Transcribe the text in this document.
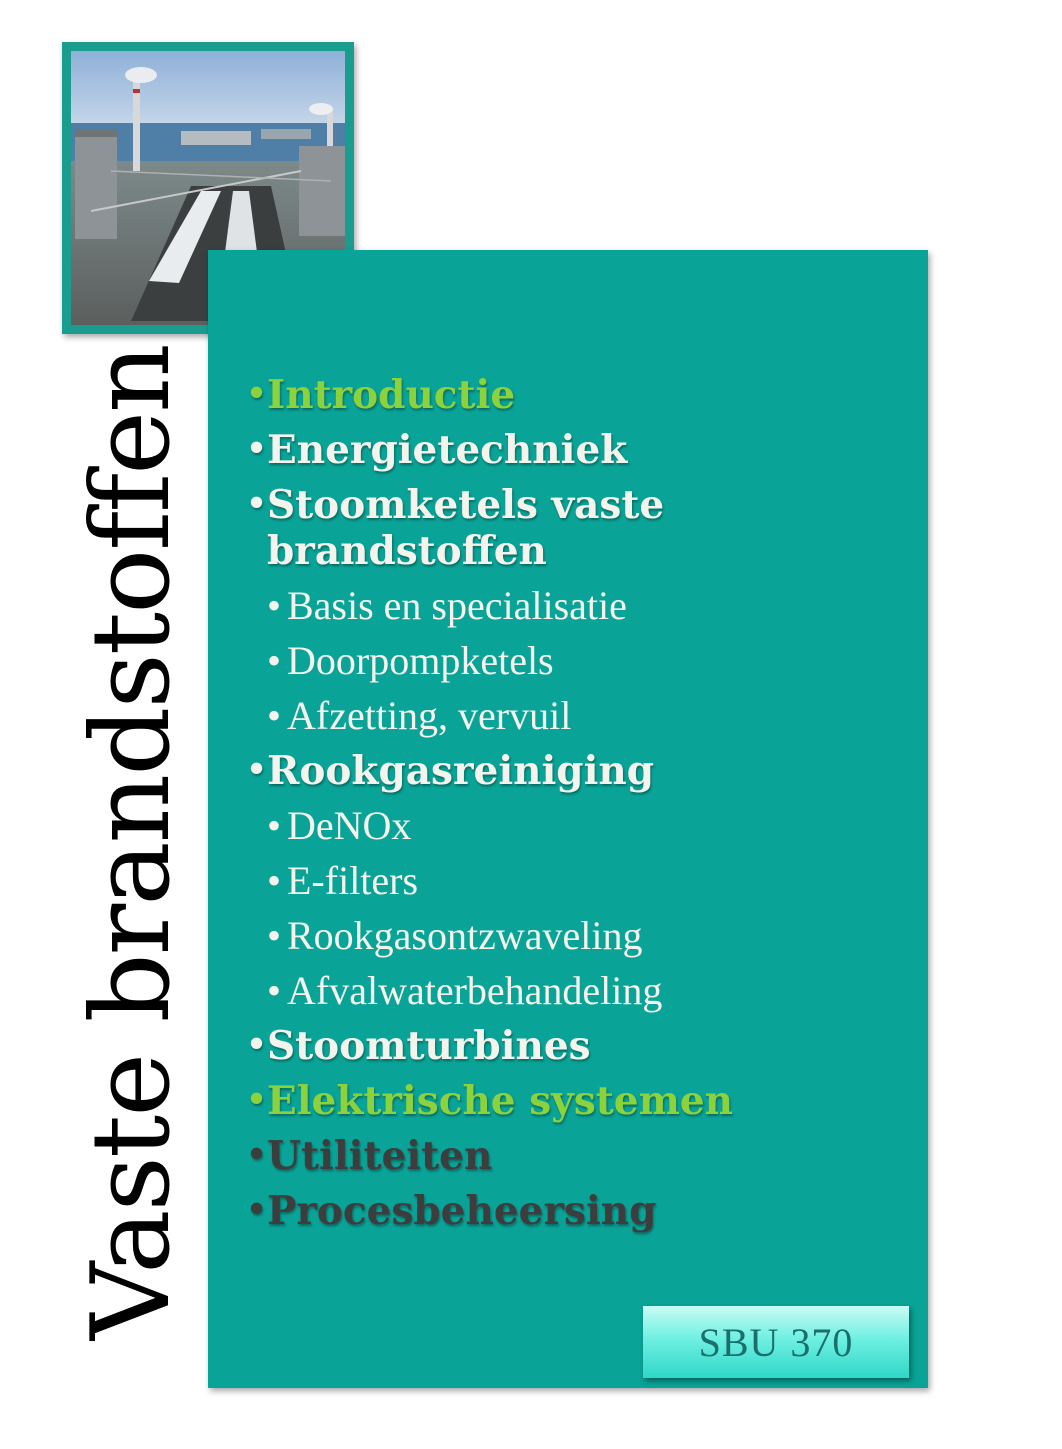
Vaste brandstoffen •
Introductie
•
Energietechniek
•
Stoomketels vaste brandstoffen
• Basis en specialisatie
• Doorpompketels
• Afzetting, vervuil
•
Rookgasreiniging
• DeNOx
• E-filters
• Rookgasontzwaveling
• Afvalwaterbehandeling
•
Stoomturbines
•
Elektrische systemen
•
Utiliteiten
•
Procesbeheersing
SBU 370
